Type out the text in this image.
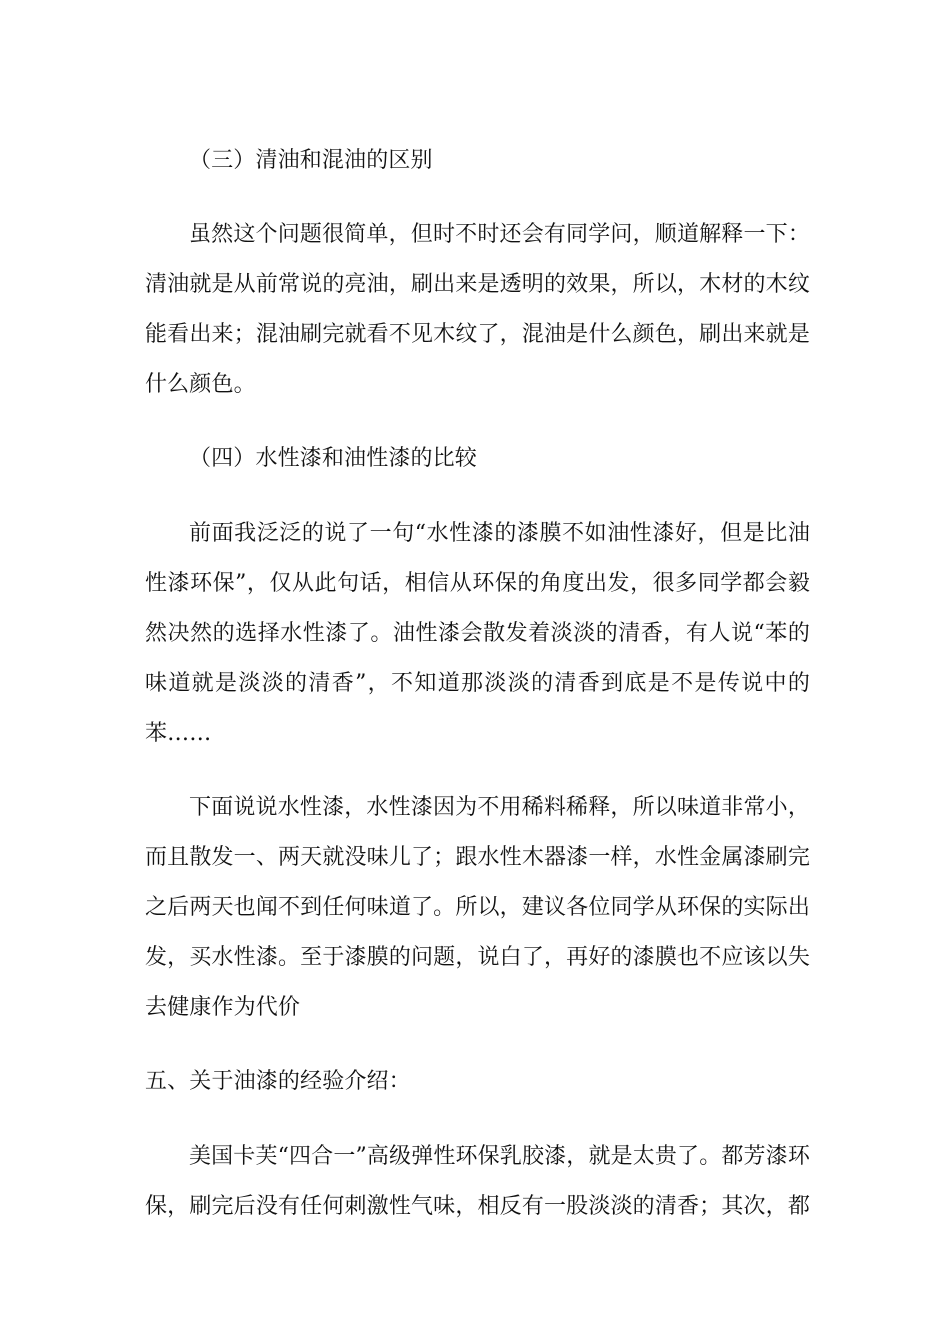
（三）清油和混油的区别
虽然这个问题很简单，但时不时还会有同学问，顺道解释一下：
清油就是从前常说的亮油，刷出来是透明的效果，所以，木材的木纹
能看出来；混油刷完就看不见木纹了，混油是什么颜色，刷出来就是
什么颜色。
（四）水性漆和油性漆的比较
前面我泛泛的说了一句“水性漆的漆膜不如油性漆好，但是比油
性漆环保”，仅从此句话，相信从环保的角度出发，很多同学都会毅
然决然的选择水性漆了。油性漆会散发着淡淡的清香，有人说“苯的
味道就是淡淡的清香”，不知道那淡淡的清香到底是不是传说中的
苯……
下面说说水性漆，水性漆因为不用稀料稀释，所以味道非常小，
而且散发一、两天就没味儿了；跟水性木器漆一样，水性金属漆刷完
之后两天也闻不到任何味道了。所以，建议各位同学从环保的实际出
发，买水性漆。至于漆膜的问题，说白了，再好的漆膜也不应该以失
去健康作为代价
五、关于油漆的经验介绍：
美国卡芙“四合一”高级弹性环保乳胶漆，就是太贵了。都芳漆环
保，刷完后没有任何刺激性气味，相反有一股淡淡的清香；其次，都
